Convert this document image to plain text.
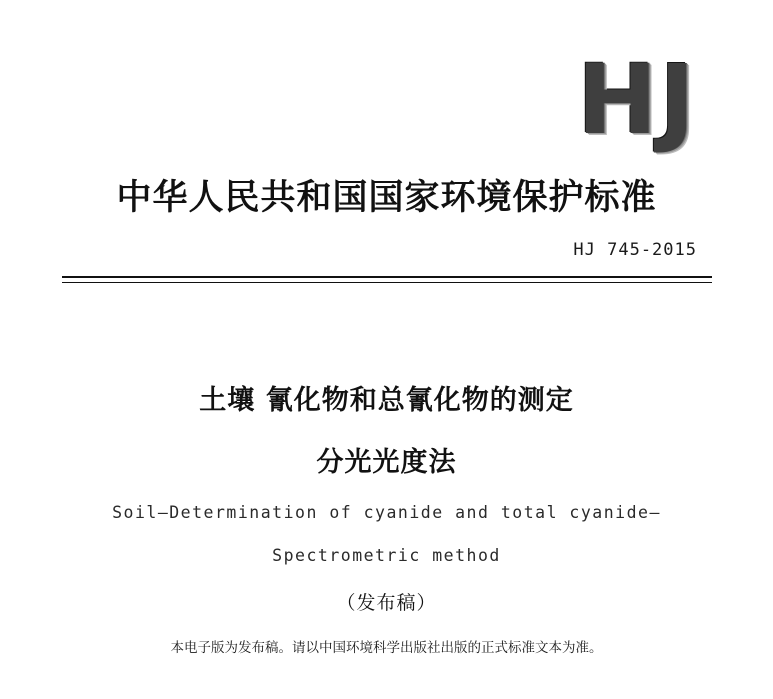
HJ
中华人民共和国国家环境保护标准
HJ 745-2015
土壤 氰化物和总氰化物的测定
分光光度法
Soil—Determination of cyanide and total cyanide—
Spectrometric method
（发布稿）
本电子版为发布稿。请以中国环境科学出版社出版的正式标准文本为准。
